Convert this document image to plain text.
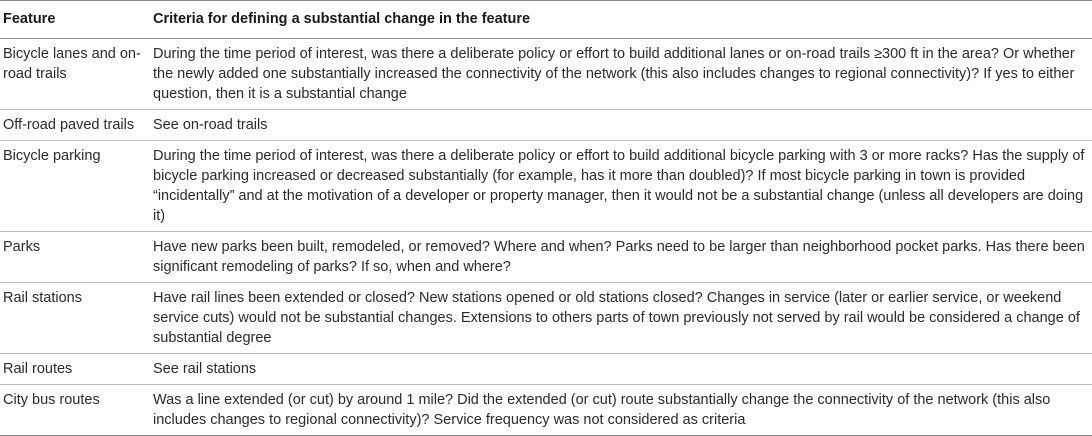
Feature	Criteria for defining a substantial change in the feature
Bicycle lanes and on-road trails	During the time period of interest, was there a deliberate policy or effort to build additional lanes or on-road trails ≥300 ft in the area? Or whether the newly added one substantially increased the connectivity of the network (this also includes changes to regional connectivity)? If yes to either question, then it is a substantial change
Off-road paved trails	See on-road trails
Bicycle parking	During the time period of interest, was there a deliberate policy or effort to build additional bicycle parking with 3 or more racks? Has the supply of bicycle parking increased or decreased substantially (for example, has it more than doubled)? If most bicycle parking in town is provided “incidentally” and at the motivation of a developer or property manager, then it would not be a substantial change (unless all developers are doing it)
Parks	Have new parks been built, remodeled, or removed? Where and when? Parks need to be larger than neighborhood pocket parks. Has there been significant remodeling of parks? If so, when and where?
Rail stations	Have rail lines been extended or closed? New stations opened or old stations closed? Changes in service (later or earlier service, or weekend service cuts) would not be substantial changes. Extensions to others parts of town previously not served by rail would be considered a change of substantial degree
Rail routes	See rail stations
City bus routes	Was a line extended (or cut) by around 1 mile? Did the extended (or cut) route substantially change the connectivity of the network (this also includes changes to regional connectivity)? Service frequency was not considered as criteria
